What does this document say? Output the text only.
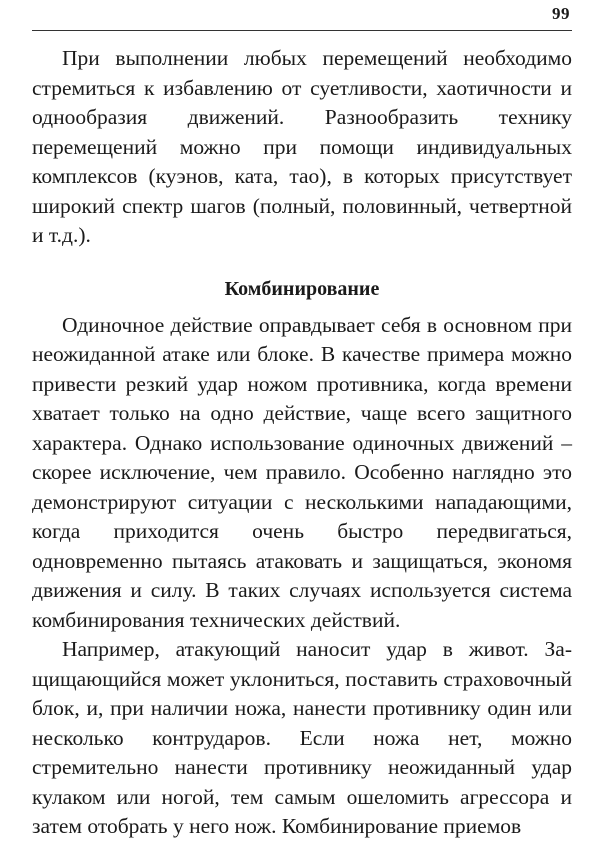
99

При выполнении любых перемещений необходимо стремиться к избавлению от суетливости, хаотичности и однообразия движений. Разнообразить технику перемещений можно при помощи индивидуальных комплексов (куэнов, ката, тао), в которых присутствует широкий спектр шагов (полный, половинный, четвертной и т.д.).

Комбинирование

Одиночное действие оправдывает себя в основном при неожиданной атаке или блоке. В качестве примера можно привести резкий удар ножом противника, когда времени хватает только на одно действие, чаще всего защитного характера. Однако использование одиночных движений – скорее исключение, чем правило. Особенно наглядно это демонстрируют ситуации с несколькими нападающими, когда приходится очень быстро передвигаться, одновременно пытаясь атаковать и защищаться, экономя движения и силу. В таких случаях используется система комбинирования технических действий.

Например, атакующий наносит удар в живот. Защищающийся может уклониться, поставить страховочный блок, и, при наличии ножа, нанести противнику один или несколько контрударов. Если ножа нет, можно стремительно нанести противнику неожиданный удар кулаком или ногой, тем самым ошеломить агрессора и затем отобрать у него нож. Комбинирование приемов
